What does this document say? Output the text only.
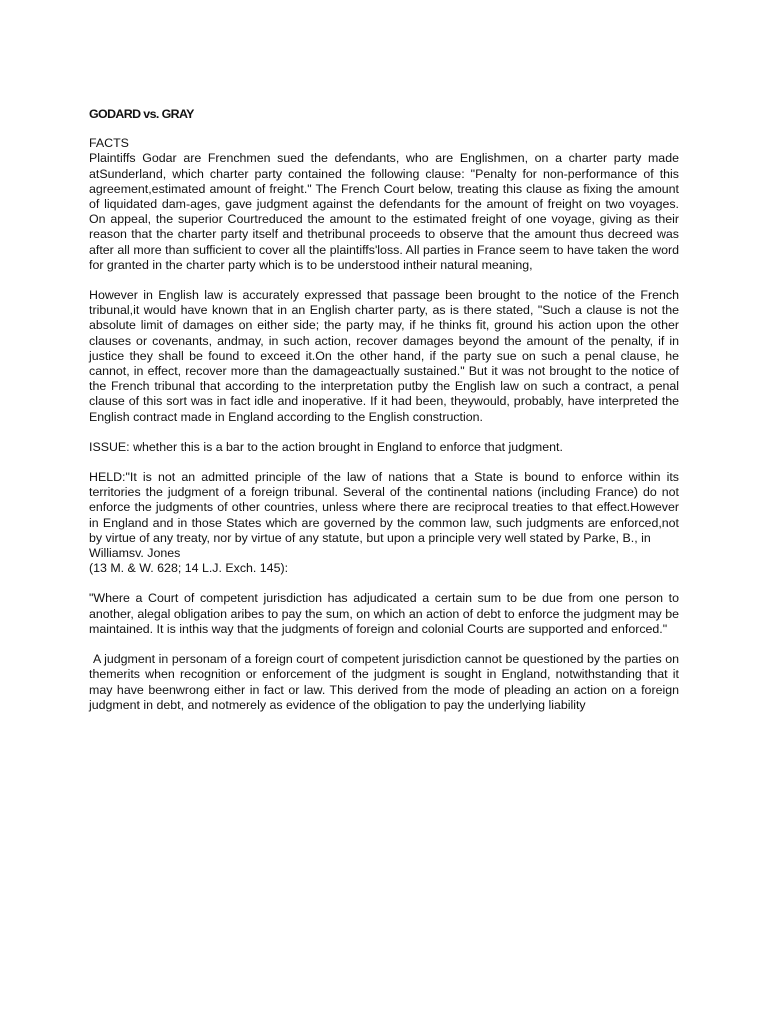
GODARD vs. GRAY
FACTS

Plaintiffs Godar are Frenchmen sued the defendants, who are Englishmen, on a charter party made atSunderland, which charter party contained the following clause: "Penalty for non-performance of this agreement,estimated amount of freight." The French Court below, treating this clause as fixing the amount of liquidated dam-ages, gave judgment against the defendants for the amount of freight on two voyages. On appeal, the superior Courtreduced the amount to the estimated freight of one voyage, giving as their reason that the charter party itself and thetribunal proceeds to observe that the amount thus decreed was after all more than sufficient to cover all the plaintiffs'loss. All parties in France seem to have taken the word for granted in the charter party which is to be understood intheir natural meaning,

However in English law is accurately expressed that passage been brought to the notice of the French tribunal,it would have known that in an English charter party, as is there stated, "Such a clause is not the absolute limit of damages on either side; the party may, if he thinks fit, ground his action upon the other clauses or covenants, andmay, in such action, recover damages beyond the amount of the penalty, if in justice they shall be found to exceed it.On the other hand, if the party sue on such a penal clause, he cannot, in effect, recover more than the damageactually sustained." But it was not brought to the notice of the French tribunal that according to the interpretation putby the English law on such a contract, a penal clause of this sort was in fact idle and inoperative. If it had been, theywould, probably, have interpreted the English contract made in England according to the English construction.

ISSUE: whether this is a bar to the action brought in England to enforce that judgment.

HELD:"It is not an admitted principle of the law of nations that a State is bound to enforce within its territories the judgment of a foreign tribunal. Several of the continental nations (including France) do not enforce the judgments of other countries, unless where there are reciprocal treaties to that effect.However in England and in those States which are governed by the common law, such judgments are enforced,not by virtue of any treaty, nor by virtue of any statute, but upon a principle very well stated by Parke, B., in

Williamsv. Jones
(13 M. & W. 628; 14 L.J. Exch. 145):

"Where a Court of competent jurisdiction has adjudicated a certain sum to be due from one person to another, alegal obligation aribes to pay the sum, on which an action of debt to enforce the judgment may be maintained. It is inthis way that the judgments of foreign and colonial Courts are supported and enforced."

A judgment in personam of a foreign court of competent jurisdiction cannot be questioned by the parties on themerits when recognition or enforcement of the judgment is sought in England, notwithstanding that it may have beenwrong either in fact or law. This derived from the mode of pleading an action on a foreign judgment in debt, and notmerely as evidence of the obligation to pay the underlying liability
